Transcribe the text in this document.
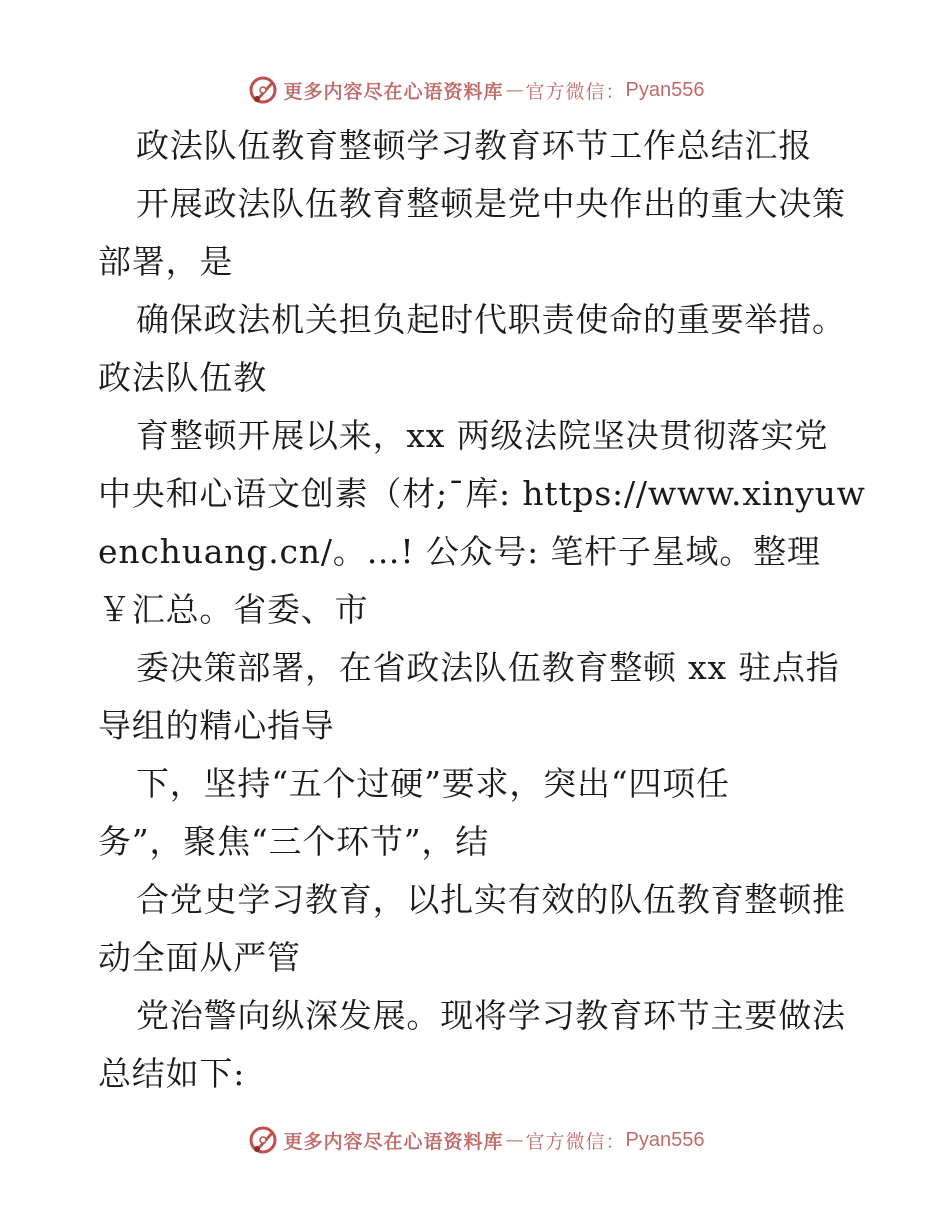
更多内容尽在心语资料库 — 官方微信： Pyan556
政法队伍教育整顿学习教育环节工作总结汇报
开展政法队伍教育整顿是党中央作出的重大决策
部署，是
确保政法机关担负起时代职责使命的重要举措。
政法队伍教
育整顿开展以来，xx 两级法院坚决贯彻落实党
中央和心语文创素（材;¯库: https://www.xinyuw
enchuang.cn/。…! 公众号: 笔杆子星域。整理
￥汇总。省委、市
委决策部署，在省政法队伍教育整顿 xx 驻点指
导组的精心指导
下，坚持“五个过硬”要求，突出“四项任
务”，聚焦“三个环节”，结
合党史学习教育，以扎实有效的队伍教育整顿推
动全面从严管
党治警向纵深发展。现将学习教育环节主要做法
总结如下:
更多内容尽在心语资料库 — 官方微信： Pyan556
